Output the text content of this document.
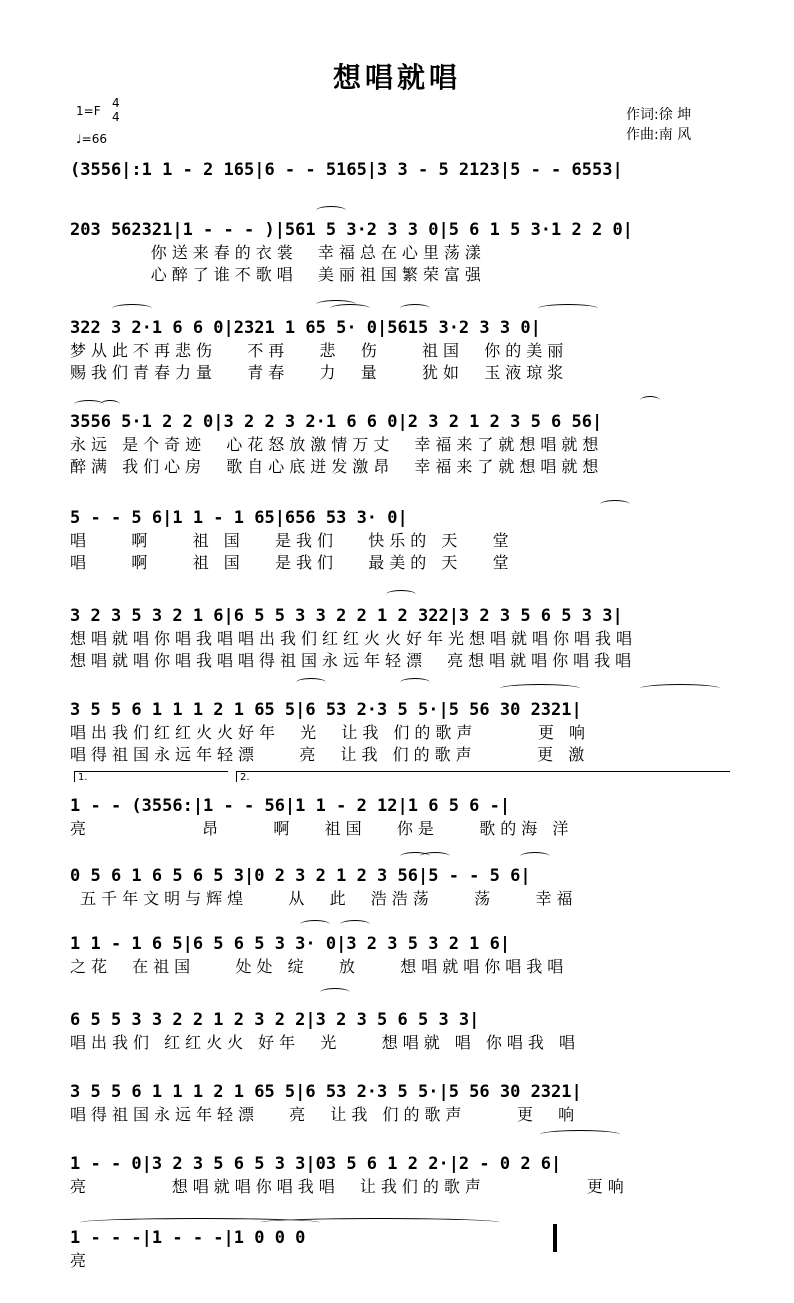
想唱就唱
1=F
4
4
♩=66
作词:徐 坤
作曲:南 风
(3556|:1 1 - 2 165|6 - - 5165|3 3 - 5 2123|5 - - 6553|
203 562321|1 - - - )|561 5 3·2 3 3 0|5 6 1 5 3·1 2 2 0|
你送来春的衣裳  幸福总在心里荡漾
心醉了谁不歌唱  美丽祖国繁荣富强
322 3 2·1 6 6 0|2321 1 65 5· 0|5615 3·2 3 3 0|
梦从此不再悲伤   不再   悲  伤    祖国  你的美丽
赐我们青春力量   青春   力  量    犹如  玉液琼浆
3556 5·1 2 2 0|3 2 2 3 2·1 6 6 0|2 3 2 1 2 3 5 6 56|
永远 是个奇迹  心花怒放激情万丈  幸福来了就想唱就想
醉满 我们心房  歌自心底迸发激昂  幸福来了就想唱就想
5 - - 5 6|1 1 - 1 65|656 53 3· 0|
唱    啊    祖 国   是我们   快乐的 天   堂
唱    啊    祖 国   是我们   最美的 天   堂
3 2 3 5 3 2 1 6|6 5 5 3 3 2 2 1 2 322|3 2 3 5 6 5 3 3|
想唱就唱你唱我唱唱出我们红红火火好年光想唱就唱你唱我唱
想唱就唱你唱我唱唱得祖国永远年轻漂  亮想唱就唱你唱我唱
3 5 5 6 1 1 1 2 1 65 5|6 53 2·3 5 5·|5 56 30 2321|
唱出我们红红火火好年  光  让我 们的歌声      更 响
唱得祖国永远年轻漂    亮  让我 们的歌声      更 激
1 - - (3556:|1 - - 56|1 1 - 2 12|1 6 5 6 -|
亮           昂     啊   祖国   你是    歌的海 洋
0 5 6 1 6 5 6 5 3|0 2 3 2 1 2 3 56|5 - - 5 6|
五千年文明与辉煌    从  此  浩浩荡    荡    幸福
1 1 - 1 6 5|6 5 6 5 3 3· 0|3 2 3 5 3 2 1 6|
之花  在祖国    处处 绽   放    想唱就唱你唱我唱
6 5 5 3 3 2 2 1 2 3 2 2|3 2 3 5 6 5 3 3|
唱出我们 红红火火 好年  光    想唱就 唱 你唱我 唱
3 5 5 6 1 1 1 2 1 65 5|6 53 2·3 5 5·|5 56 30 2321|
唱得祖国永远年轻漂   亮  让我 们的歌声     更  响
1 - - 0|3 2 3 5 6 5 3 3|03 5 6 1 2 2·|2 - 0 2 6|
亮        想唱就唱你唱我唱  让我们的歌声          更响
1 - - -|1 - - -|1 0 0 0
亮
1.	2.
